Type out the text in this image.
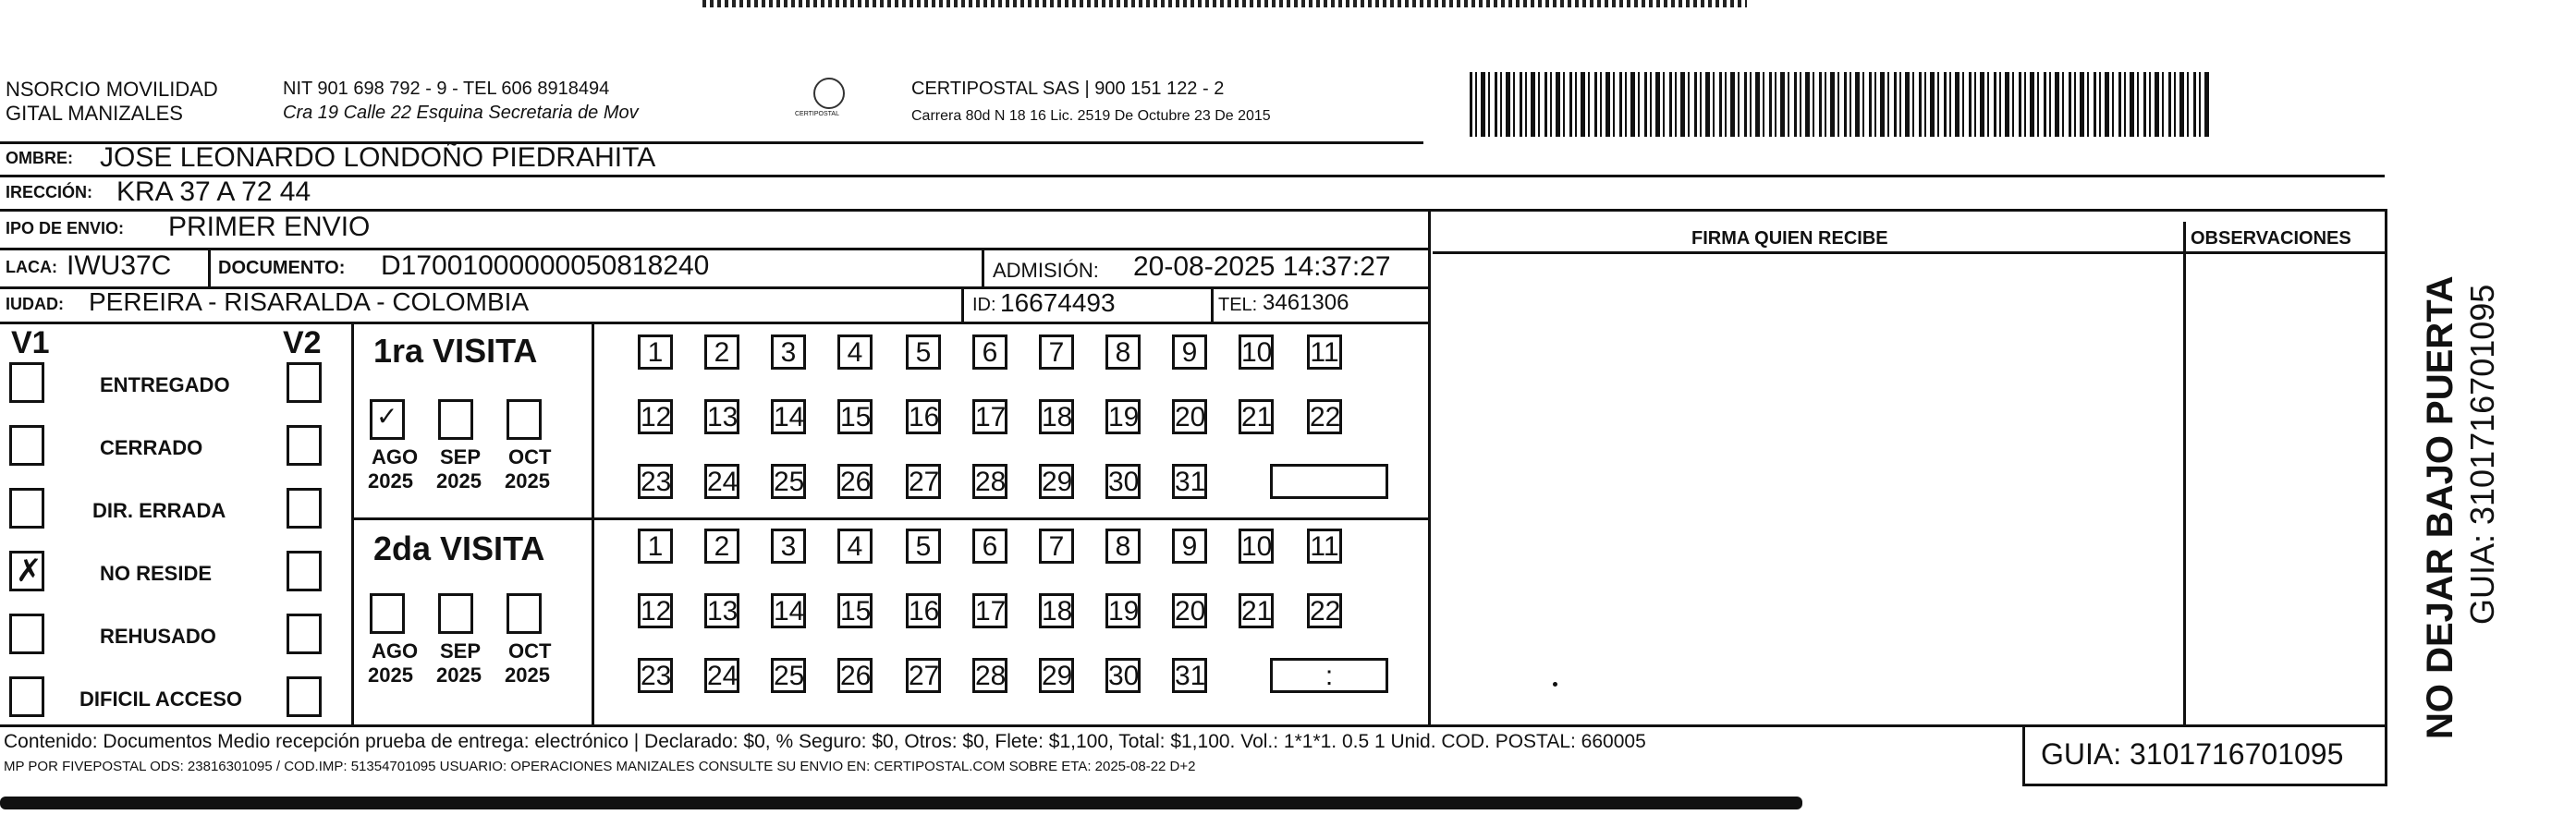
NSORCIO MOVILIDAD
GITAL MANIZALES
NIT 901 698 792 - 9 - TEL 606 8918494
Cra 19 Calle 22 Esquina Secretaria de Mov	CERTIPOSTAL
CERTIPOSTAL SAS | 900 151 122 - 2
Carrera 80d N 18 16 Lic. 2519 De Octubre 23 De 2015
OMBRE: JOSE LEONARDO LONDOÑO PIEDRAHITA
IRECCIÓN: KRA 37 A 72 44
IPO DE ENVIO: PRIMER ENVIO
LACA: IWU37C	DOCUMENTO: D17001000000050818240	ADMISIÓN: 20-08-2025 14:37:27
IUDAD: PEREIRA - RISARALDA - COLOMBIA	ID: 16674493	TEL: 3461306
FIRMA QUIEN RECIBE	OBSERVACIONES
V1	V2
ENTREGADO
CERRADO
DIR. ERRADA
✗	NO RESIDE
REHUSADO
DIFICIL ACCESO
1ra VISITA
2da VISITA
✓
AGO
2025
SEP
2025
OCT
2025
1	2	3	4	5	6	7	8	9	10 11
12 13 14 15 16 17 18 19 20 21 22
23 24 25 26 27 28 29 30 31
AGO
2025
SEP
2025
OCT
2025
1	2	3	4	5	6	7	8	9	10 11
12 13 14 15 16 17 18 19 20 21 22
23 24 25 26 27 28 29 30 31	:
Contenido: Documentos Medio recepción prueba de entrega: electrónico | Declarado: $0, % Seguro: $0, Otros: $0, Flete: $1,100, Total: $1,100. Vol.: 1*1*1. 0.5 1 Unid. COD. POSTAL: 660005
MP POR FIVEPOSTAL ODS: 23816301095 / COD.IMP: 51354701095 USUARIO: OPERACIONES MANIZALES CONSULTE SU ENVIO EN: CERTIPOSTAL.COM SOBRE ETA: 2025-08-22 D+2	GUIA: 3101716701095
NO DEJAR BAJO PUERTA GUIA: 3101716701095
